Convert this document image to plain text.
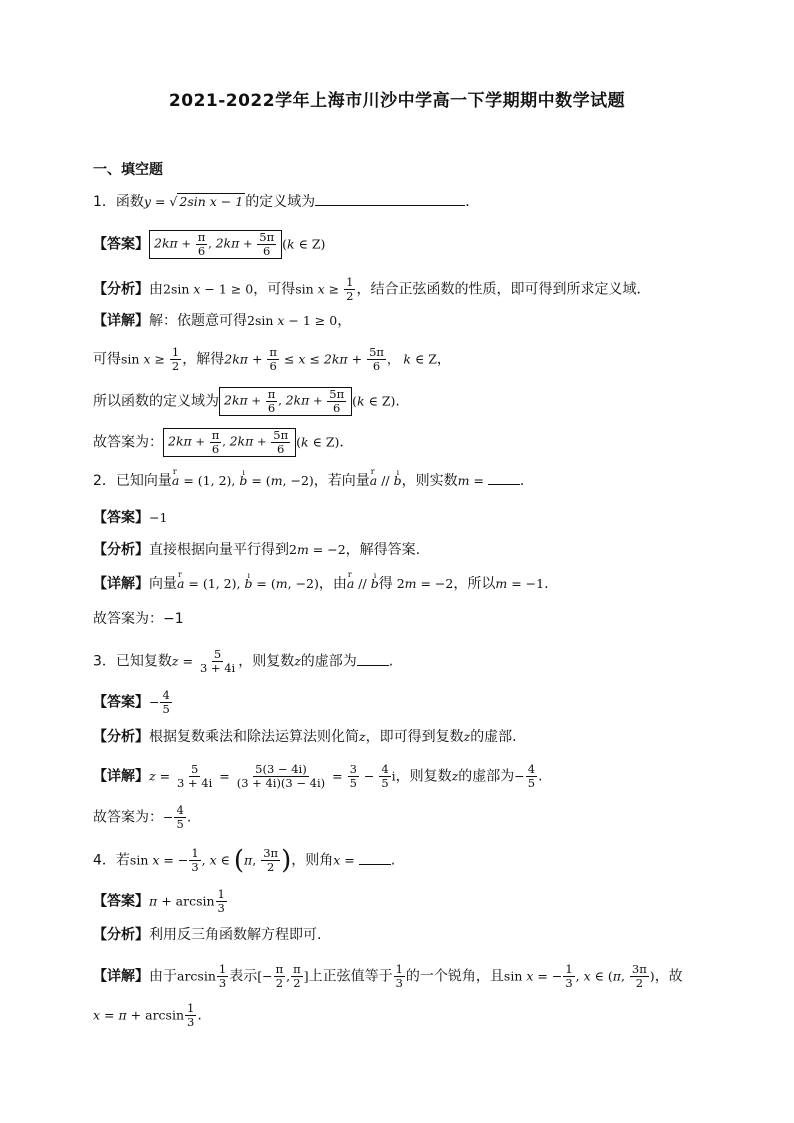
2021-2022学年上海市川沙中学高一下学期期中数学试题
一、填空题
1．函数y = √ 2sin x − 1 的定义域为	．
【答案】 $2k\pi + \frac{\pi}{6}$ , $2k\pi + \frac{5\pi}{6} (k$ ∈ Z)
【分析】由2sin x − 1 ≥ 0，可得$\sin x \ge \frac{1}{2}$ ，结合正弦函数的性质，即可得到所求定义域．
【详解】解：依题意可得2sin x − 1 ≥ 0，
可得$\sin x \ge \frac{1}{2}$ ，解得$2k\pi + \frac{\pi}{6} \le x \le 2k\pi + \frac{5\pi}{6}$ ， k ∈ Z，
所以函数的定义域为 $2k\pi + \frac{\pi}{6}$ , $2k\pi + \frac{5\pi}{6} (k$ ∈ Z).
故答案为： $2k\pi + \frac{\pi}{6}$ , $2k\pi + \frac{5\pi}{6} (k$ ∈ Z)．
2．已知向量r a = (1, 2), ı b = (m, −2)，若向量r a // ı b，则实数m = .
【答案】−1
【分析】直接根据向量平行得到2m = −2，解得答案.
【详解】向量r a = (1, 2), ı b = (m, −2)，由r a // ı b得 2m = −2，所以m = −1.
故答案为：−1
3．已知复数$z = \frac{5}{3 + 4i}$ ，则复数z的虚部为 .
【答案】− $\frac{4}{5}$
【分析】根据复数乘法和除法运算法则化简z，即可得到复数z的虚部.
【详解】$z = \frac{5}{3 + 4i} = \frac{5(3 - 4i)}{(3 + 4i)(3 - 4i)} = \frac{3}{5} - \frac{4}{5}$ i，则复数z的虚部为− $\frac{4}{5}$ .
故答案为：− $\frac{4}{5}$ .
4．若sin x = − $\frac{1}{3}$ , x ∈ (π, $\frac{3\pi}{2}$ )，则角x = .
【答案】$\pi + \arcsin \frac{1}{3}$
【分析】利用反三角函数解方程即可.
【详解】由于$\arcsin \frac{1}{3}$ 表示[− $\frac{\pi}{2}$ , $\frac{\pi}{2}$ ]上正弦值等于 $\frac{1}{3}$ 的一个锐角，且sin x = − $\frac{1}{3}$ , x ∈ (π, $\frac{3\pi}{2}$ )，故
$x = \pi + \arcsin \frac{1}{3}$ .
